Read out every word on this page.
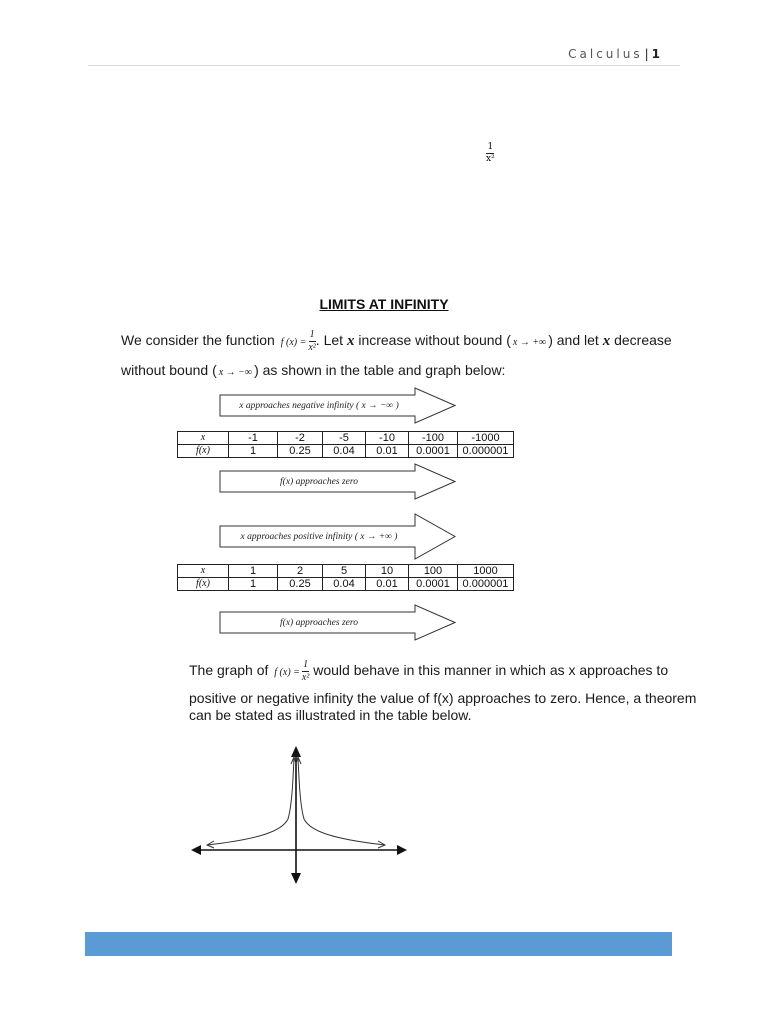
Calculus | 1
$\frac{1}{\text{x²}}$
LIMITS AT INFINITY
We consider the function f $(x) = \frac{1}{\text{x²}}$ . Let x increase without bound ( x → +∞ ) and let x decrease
without bound ( x → −∞ ) as shown in the table and graph below:
x approaches negative infinity ( x → −∞ )
x	-1	-2	-5	-10	-100	-1000
f(x)	1	0.25	0.04	0.01	0.0001	0.000001
f(x) approaches zero
x approaches positive infinity ( x → +∞ )
x	1	2	5	10	100	1000
f(x)	1	0.25	0.04	0.01	0.0001	0.000001
f(x) approaches zero
The graph of f $(x) = \frac{1}{\text{x²}}$ would behave in this manner in which as x approaches to
positive or negative infinity the value of f(x) approaches to zero. Hence, a theorem
can be stated as illustrated in the table below.
